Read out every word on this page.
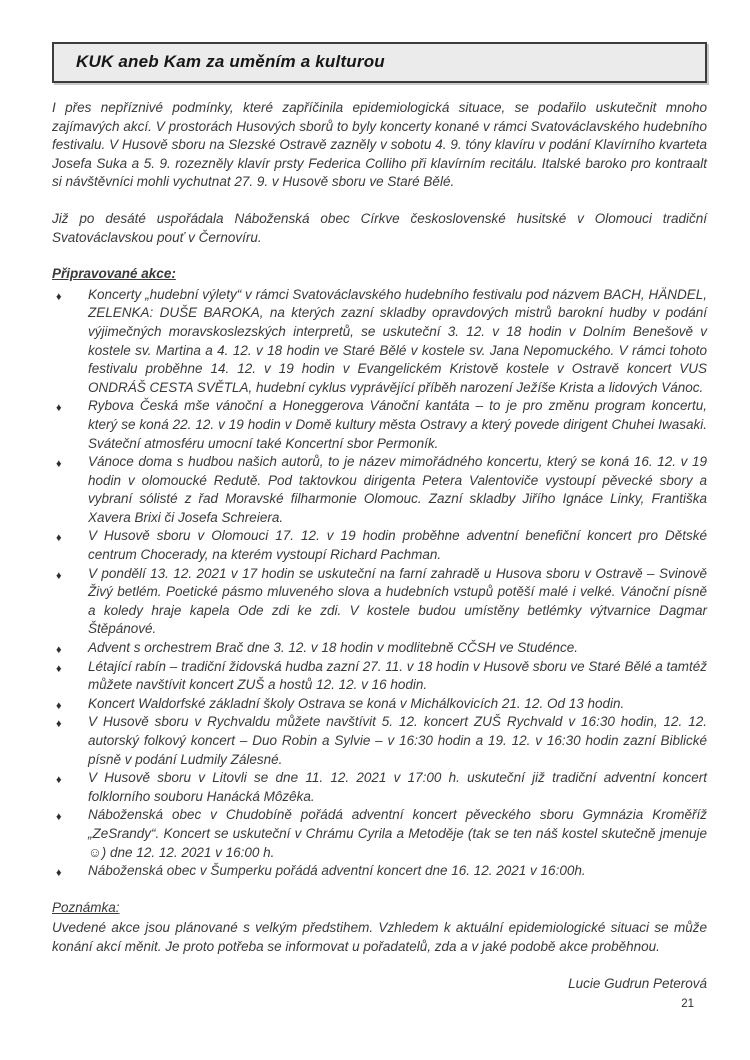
KUK aneb Kam za uměním a kulturou

I přes nepříznivé podmínky, které zapříčinila epidemiologická situace, se podařilo uskutečnit mnoho zajímavých akcí. V prostorách Husových sborů to byly koncerty konané v rámci Svatováclavského hudebního festivalu. V Husově sboru na Slezské Ostravě zazněly v sobotu 4. 9. tóny klavíru v podání Klavírního kvarteta Josefa Suka a 5. 9. rozezněly klavír prsty Federica Colliho při klavírním recitálu. Italské baroko pro kontraalt si návštěvníci mohli vychutnat 27. 9. v Husově sboru ve Staré Bělé.

Již po desáté uspořádala Náboženská obec Církve československé husitské v Olomouci tradiční Svatováclavskou pouť v Černovíru.

Připravované akce:
♦ Koncerty „hudební výlety“ v rámci Svatováclavského hudebního festivalu pod názvem BACH, HÄNDEL, ZELENKA: DUŠE BAROKA, na kterých zazní skladby opravdových mistrů barokní hudby v podání výjimečných moravskoslezských interpretů, se uskuteční 3. 12. v 18 hodin v Dolním Benešově v kostele sv. Martina a 4. 12. v 18 hodin ve Staré Bělé v kostele sv. Jana Nepomuckého. V rámci tohoto festivalu proběhne 14. 12. v 19 hodin v Evangelickém Kristově kostele v Ostravě koncert VUS ONDRÁŠ CESTA SVĚTLA, hudební cyklus vyprávějící příběh narození Ježíše Krista a lidových Vánoc.
♦ Rybova Česká mše vánoční a Honeggerova Vánoční kantáta – to je pro změnu program koncertu, který se koná 22. 12. v 19 hodin v Domě kultury města Ostravy a který povede dirigent Chuhei Iwasaki. Sváteční atmosféru umocní také Koncertní sbor Permoník.
♦ Vánoce doma s hudbou našich autorů, to je název mimořádného koncertu, který se koná 16. 12. v 19 hodin v olomoucké Redutě. Pod taktovkou dirigenta Petera Valentoviče vystoupí pěvecké sbory a vybraní sólisté z řad Moravské filharmonie Olomouc. Zazní skladby Jiřího Ignáce Linky, Františka Xavera Brixi či Josefa Schreiera.
♦ V Husově sboru v Olomouci 17. 12. v 19 hodin proběhne adventní benefiční koncert pro Dětské centrum Chocerady, na kterém vystoupí Richard Pachman.
♦ V pondělí 13. 12. 2021 v 17 hodin se uskuteční na farní zahradě u Husova sboru v Ostravě – Svinově Živý betlém. Poetické pásmo mluveného slova a hudebních vstupů potěší malé i velké. Vánoční písně a koledy hraje kapela Ode zdi ke zdi. V kostele budou umístěny betlémky výtvarnice Dagmar Štěpánové.
♦ Advent s orchestrem Brač dne 3. 12. v 18 hodin v modlitebně CČSH ve Studénce.
♦ Létající rabín – tradiční židovská hudba zazní 27. 11. v 18 hodin v Husově sboru ve Staré Bělé a tamtéž můžete navštívit koncert ZUŠ a hostů 12. 12. v 16 hodin.
♦ Koncert Waldorfské základní školy Ostrava se koná v Michálkovicích 21. 12. Od 13 hodin.
♦ V Husově sboru v Rychvaldu můžete navštívit 5. 12. koncert ZUŠ Rychvald v 16:30 hodin, 12. 12. autorský folkový koncert – Duo Robin a Sylvie – v 16:30 hodin a 19. 12. v 16:30 hodin zazní Biblické písně v podání Ludmily Zálesné.
♦ V Husově sboru v Litovli se dne 11. 12. 2021 v 17:00 h. uskuteční již tradiční adventní koncert folklorního souboru Hanácká Môzêka.
♦ Náboženská obec v Chudobíně pořádá adventní koncert pěveckého sboru Gymnázia Kroměříž „ZeSrandy“. Koncert se uskuteční v Chrámu Cyrila a Metoděje (tak se ten náš kostel skutečně jmenuje ☺) dne 12. 12. 2021 v 16:00 h.
♦ Náboženská obec v Šumperku pořádá adventní koncert dne 16. 12. 2021 v 16:00h.
Poznámka:

Uvedené akce jsou plánované s velkým předstihem. Vzhledem k aktuální epidemiologické situaci se může konání akcí měnit. Je proto potřeba se informovat u pořadatelů, zda a v jaké podobě akce proběhnou.

Lucie Gudrun Peterová
21
